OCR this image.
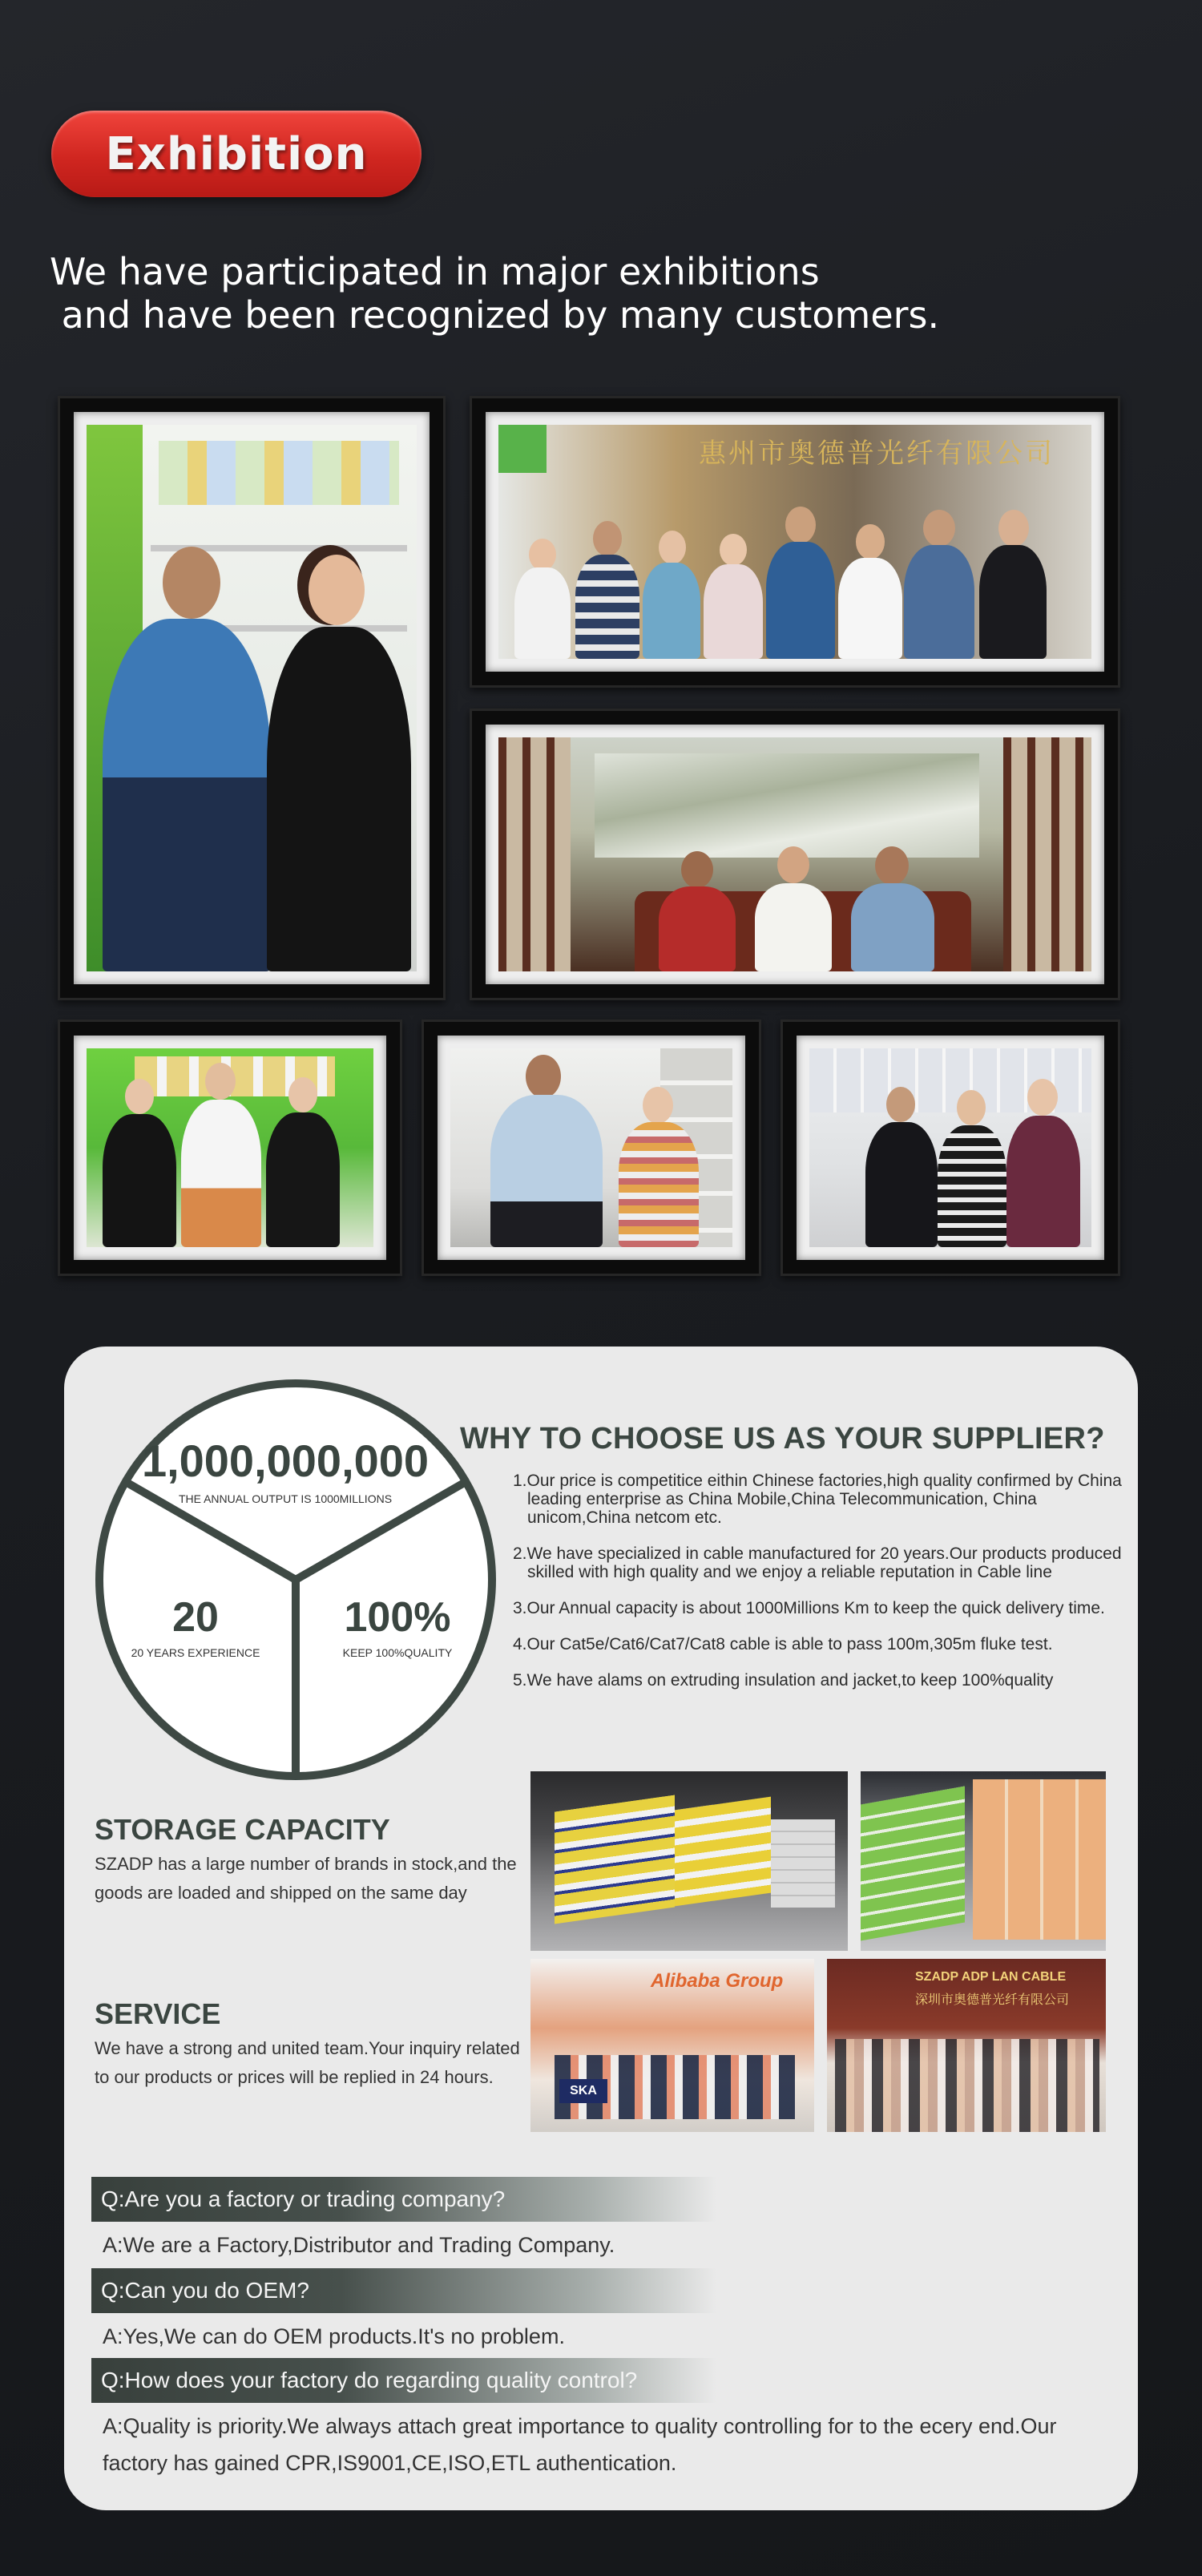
Exhibition
We have participated in major exhibitions
and have been recognized by many customers.
惠州市奥德普光纤有限公司
1,000,000,000
THE ANNUAL OUTPUT IS 1000MILLIONS
20
20 YEARS EXPERIENCE
100%
KEEP 100%QUALITY
WHY TO CHOOSE US AS YOUR SUPPLIER?
1.Our price is competitice eithin Chinese factories,high quality confirmed by China leading enterprise as China Mobile,China Telecommunication, China unicom,China netcom etc.
2.We have specialized in cable manufactured for 20 years.Our products produced skilled with high quality and we enjoy a reliable reputation in Cable line
3.Our Annual capacity is about 1000Millions Km to keep the quick delivery time.
4.Our Cat5e/Cat6/Cat7/Cat8 cable is able to pass 100m,305m fluke test.
5.We have alams on extruding insulation and jacket,to keep 100%quality
STORAGE CAPACITY
SZADP has a large number of brands in stock,and the goods are loaded and shipped on the same day
SERVICE
We have a strong and united team.Your inquiry related to our products or prices will be replied in 24 hours.
Alibaba Group
SKA
SZADP ADP LAN CABLE
深圳市奥德普光纤有限公司
Q:Are you a factory or trading company?
A:We are a Factory,Distributor and Trading Company.
Q:Can you do OEM?
A:Yes,We can do OEM products.It's no problem.
Q:How does your factory do regarding quality control?
A:Quality is priority.We always attach great importance to quality controlling for to the ecery end.Our factory has gained CPR,IS9001,CE,ISO,ETL authentication.
